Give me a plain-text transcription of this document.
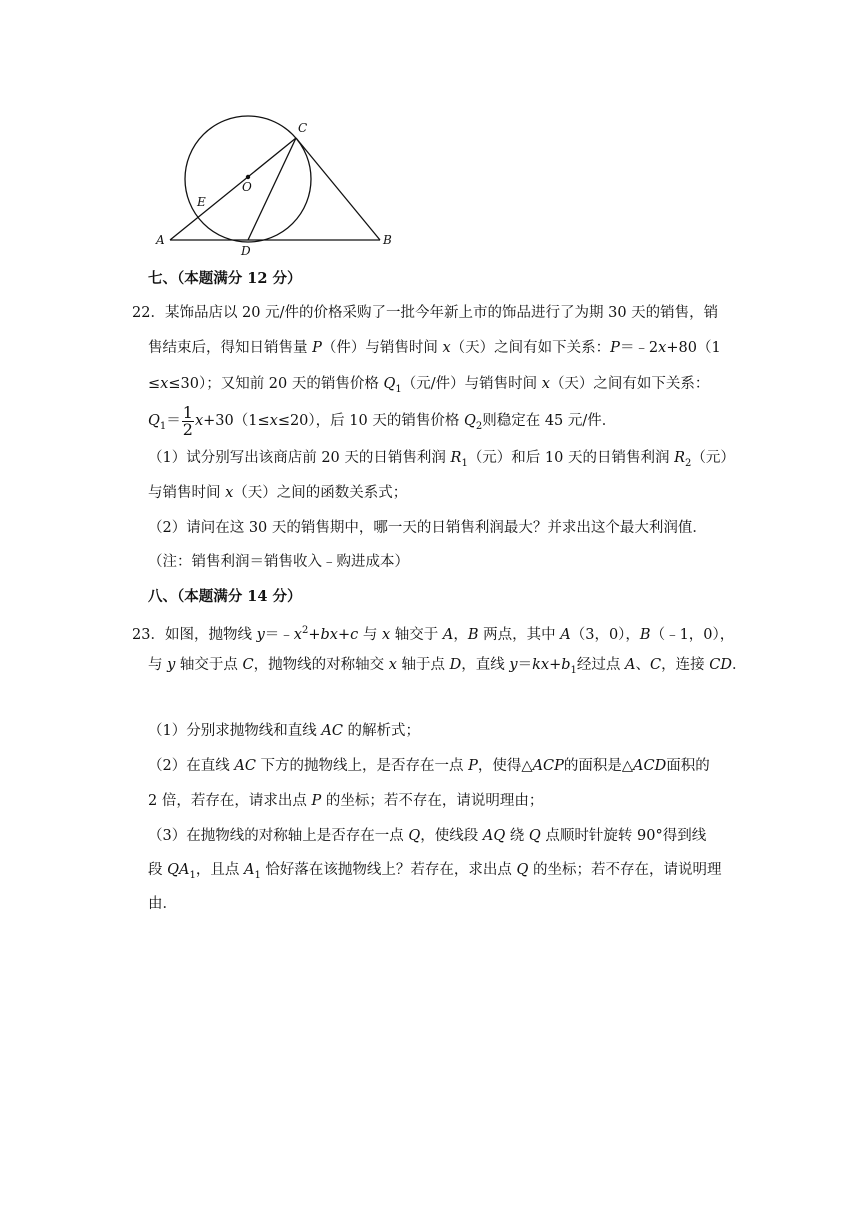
A	B
C
D
E
O
七、（本题满分 12 分）
22．某饰品店以 20 元/件的价格采购了一批今年新上市的饰品进行了为期 30 天的销售，销
售结束后，得知日销售量 P（件）与销售时间 x（天）之间有如下关系：P＝﹣2x+80（1
≤x≤30）；又知前 20 天的销售价格 $Q_1$（元/件）与销售时间 x（天）之间有如下关系：
$Q_1= \frac{1}{2} x+30(1\le x\le 20)$，后 10 天的销售价格 $Q_2$则稳定在 45 元/件．
（1）试分别写出该商店前 20 天的日销售利润 $R_1$（元）和后 10 天的日销售利润 $R_2$（元）
与销售时间 x（天）之间的函数关系式；
（2）请问在这 30 天的销售期中，哪一天的日销售利润最大？并求出这个最大利润值．
（注：销售利润＝销售收入﹣购进成本）
八、（本题满分 14 分）
23．如图，抛物线 $y=﹣x^2+bx+c$ 与 x 轴交于 A，B 两点，其中 A（3，0），B（﹣1，0），
与 y 轴交于点 C，抛物线的对称轴交 x 轴于点 D，直线 $y=kx+b_1$经过点 A、C，连接 CD．
（1）分别求抛物线和直线 AC 的解析式；
（2）在直线 AC 下方的抛物线上，是否存在一点 P，使得△ACP的面积是△ACD面积的
2 倍，若存在，请求出点 P 的坐标；若不存在，请说明理由；
（3）在抛物线的对称轴上是否存在一点 Q，使线段 AQ 绕 Q 点顺时针旋转 90°得到线
段 $QA_1$，且点 $A_1$ 恰好落在该抛物线上？若存在，求出点 Q 的坐标；若不存在，请说明理
由．
